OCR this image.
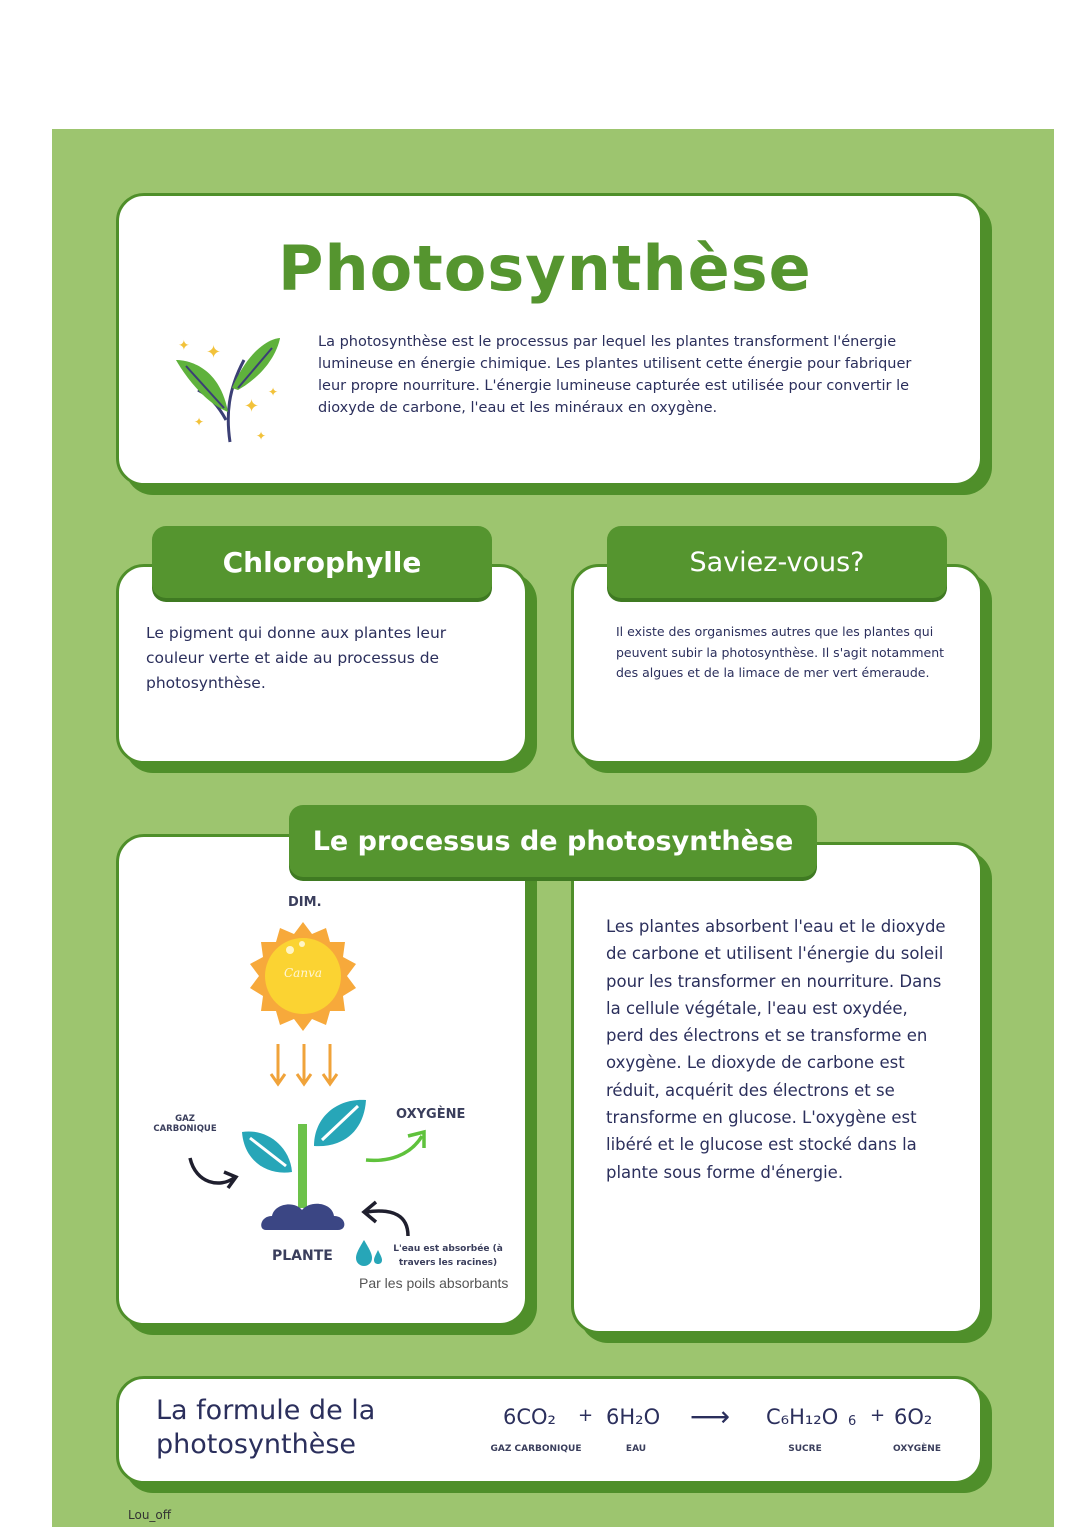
Photosynthèse
✦ ✦
✦
✦
✦
✦
La photosynthèse est le processus par lequel les plantes transforment l'énergie lumineuse en énergie chimique. Les plantes utilisent cette énergie pour fabriquer leur propre nourriture. L'énergie lumineuse capturée est utilisée pour convertir le dioxyde de carbone, l'eau et les minéraux en oxygène.
Chlorophylle
Le pigment qui donne aux plantes leur couleur verte et aide au processus de photosynthèse.
Saviez-vous?
Il existe des organismes autres que les plantes qui peuvent subir la photosynthèse. Il s'agit notamment des algues et de la limace de mer vert émeraude.
Le processus de photosynthèse
Les plantes absorbent l'eau et le dioxyde de carbone et utilisent l'énergie du soleil pour les transformer en nourriture. Dans la cellule végétale, l'eau est oxydée, perd des électrons et se transforme en oxygène. Le dioxyde de carbone est réduit, acquérit des électrons et se transforme en glucose. L'oxygène est libéré et le glucose est stocké dans la plante sous forme d'énergie.
DIM.
Canva
GAZ CARBONIQUE
OXYGÈNE
PLANTE	L'eau est absorbée (à travers les racines)
Par les poils absorbants
La formule de la
photosynthèse
6CO₂ + 6H₂O ⟶ C₆H₁₂O 6 + 6O₂
GAZ CARBONIQUE	EAU	SUCRE	OXYGÈNE
Lou_off
